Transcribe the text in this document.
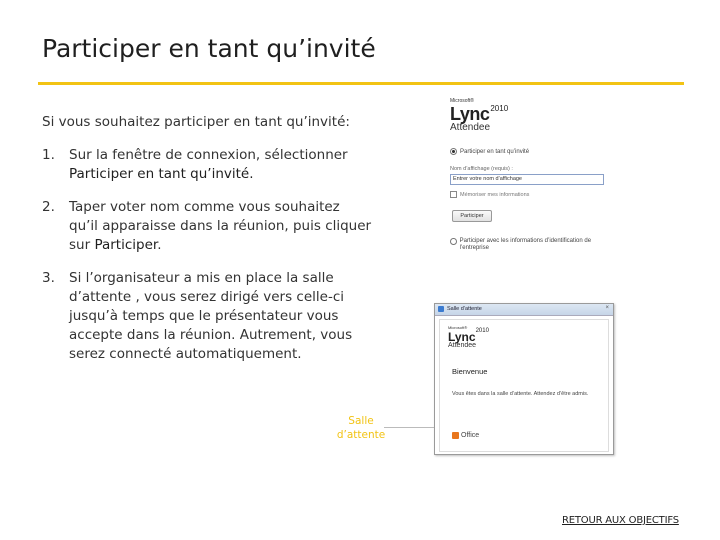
Participer en tant qu’invité
Si vous souhaitez participer en tant qu’invité:
1. Sur la fenêtre de connexion, sélectionner Participer en tant qu’invité.
2. Taper voter nom comme vous souhaitez qu’il apparaisse dans la réunion, puis cliquer sur Participer.
3. Si l’organisateur a mis en place la salle d’attente , vous serez dirigé vers celle-ci jusqu’à temps que le présentateur vous accepte dans la réunion. Autrement, vous serez connecté automatiquement.
Microsoft®
Lync$^{2010}$
Attendee
Participer en tant qu’invité
Nom d’affichage (requis) :
Entrer votre nom d’affichage
Mémoriser mes informations
Participer
Participer avec les informations d’identification de l’entreprise
Salle d’attente	×
Microsoft®
Lync$^{2010}$
Attendee
Bienvenue
Vous êtes dans la salle d’attente. Attendez d’être admis.
Office
Salle d’attente
RETOUR AUX OBJECTIFS
